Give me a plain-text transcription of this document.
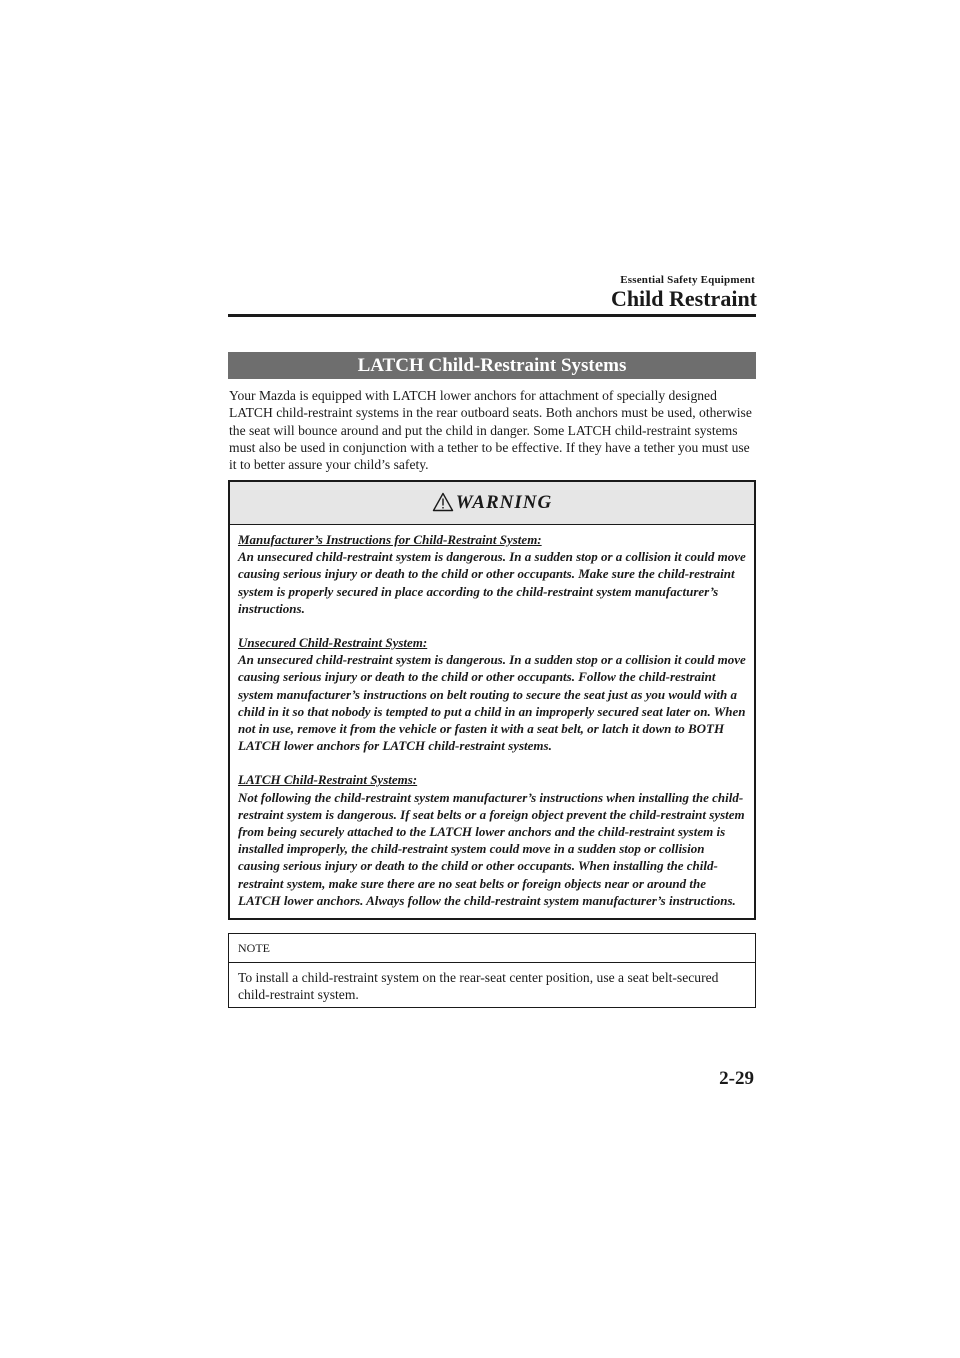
Essential Safety Equipment
Child Restraint
LATCH Child-Restraint Systems
Your Mazda is equipped with LATCH lower anchors for attachment of specially designed LATCH child-restraint systems in the rear outboard seats. Both anchors must be used, otherwise the seat will bounce around and put the child in danger. Some LATCH child-restraint systems must also be used in conjunction with a tether to be effective. If they have a tether you must use it to better assure your child’s safety.
WARNING
Manufacturer’s Instructions for Child-Restraint System:
An unsecured child-restraint system is dangerous. In a sudden stop or a collision it could move causing serious injury or death to the child or other occupants. Make sure the child-restraint system is properly secured in place according to the child-restraint system manufacturer’s instructions.
Unsecured Child-Restraint System:
An unsecured child-restraint system is dangerous. In a sudden stop or a collision it could move causing serious injury or death to the child or other occupants. Follow the child-restraint system manufacturer’s instructions on belt routing to secure the seat just as you would with a child in it so that nobody is tempted to put a child in an improperly secured seat later on. When not in use, remove it from the vehicle or fasten it with a seat belt, or latch it down to BOTH LATCH lower anchors for LATCH child-restraint systems.
LATCH Child-Restraint Systems:
Not following the child-restraint system manufacturer’s instructions when installing the child-restraint system is dangerous. If seat belts or a foreign object prevent the child-restraint system from being securely attached to the LATCH lower anchors and the child-restraint system is installed improperly, the child-restraint system could move in a sudden stop or collision causing serious injury or death to the child or other occupants. When installing the child-restraint system, make sure there are no seat belts or foreign objects near or around the LATCH lower anchors. Always follow the child-restraint system manufacturer’s instructions.
NOTE
To install a child-restraint system on the rear-seat center position, use a seat belt-secured child-restraint system.
2-29
